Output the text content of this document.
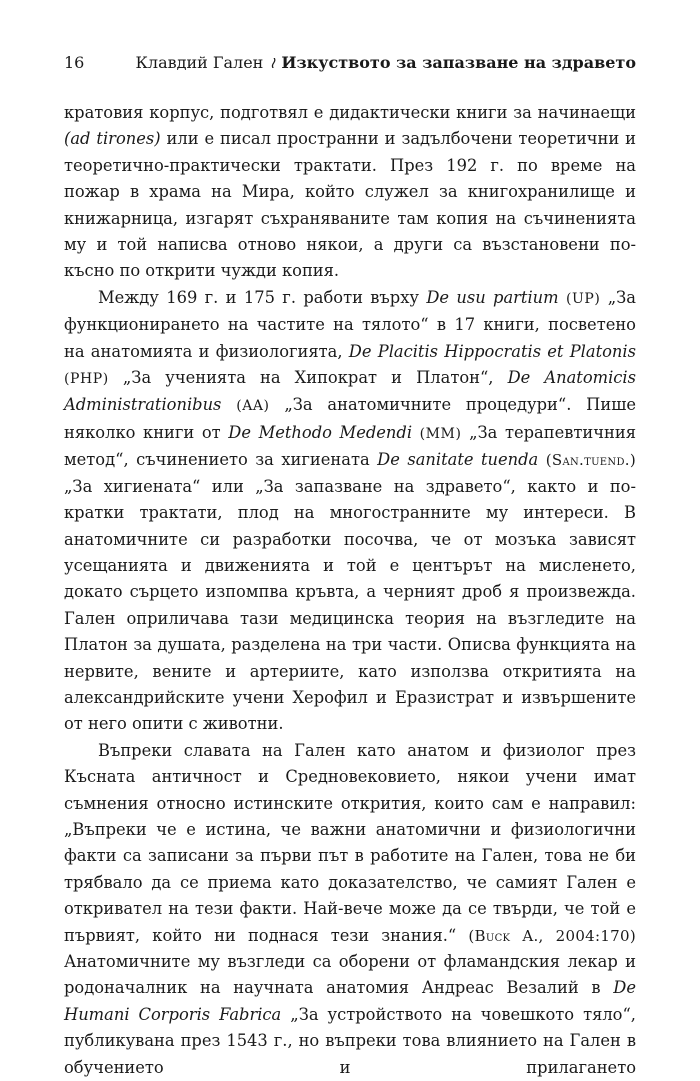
16	Клавдий Гален ≀ Изкуството за запазване на здравето

кратовия корпус, подготвял е дидактически книги за начинаещи (ad tirones) или е писал пространни и задълбочени теоретични и теоретично-практически трактати. През 192 г. по време на пожар в храма на Мира, който служел за книгохранилище и книжарница, изгарят съхраняваните там копия на съчиненията му и той написва отново някои, а други са възстановени по-късно по открити чужди копия.

Между 169 г. и 175 г. работи върху De usu partium (UP) „За функционирането на частите на тялото“ в 17 книги, посветено на анатомията и физиологията, De Placitis Hippocratis et Platonis (PHP) „За ученията на Хипократ и Платон“, De Anatomicis Administrationibus (AA) „За анатомичните процедури“. Пише няколко книги от De Methodo Medendi (MM) „За терапевтичния метод“, съчинението за хигиената De sanitate tuenda (San.tuend.) „За хигиената“ или „За запазване на здравето“, както и по-кратки трактати, плод на многостранните му интереси. В анатомичните си разработки посочва, че от мозъка зависят усещанията и движенията и той е центърът на мисленето, докато сърцето изпомпва кръвта, а черният дроб я произвежда. Гален оприличава тази медицинска теория на възгледите на Платон за душата, разделена на три части. Описва функцията на нервите, вените и артериите, като използва откритията на александрийските учени Херофил и Еразистрат и извършените от него опити с животни.

Въпреки славата на Гален като анатом и физиолог през Късната античност и Средновековието, някои учени имат съмнения относно истинските открития, които сам е направил: „Въпреки че е истина, че важни анатомични и физиологични факти са записани за първи път в работите на Гален, това не би трябвало да се приема като доказателство, че самият Гален е откривател на тези факти. Най-вече може да се твърди, че той е първият, който ни поднася тези знания.“ (Buck A., 2004:170) Анатомичните му възгледи са оборени от фламандския лекар и родоначалник на научната анатомия Андреас Везалий в De Humani Corporis Fabrica „За устройството на човешкото тяло“, публикувана през 1543 г., но въпреки това влиянието на Гален в обучението и прилагането
